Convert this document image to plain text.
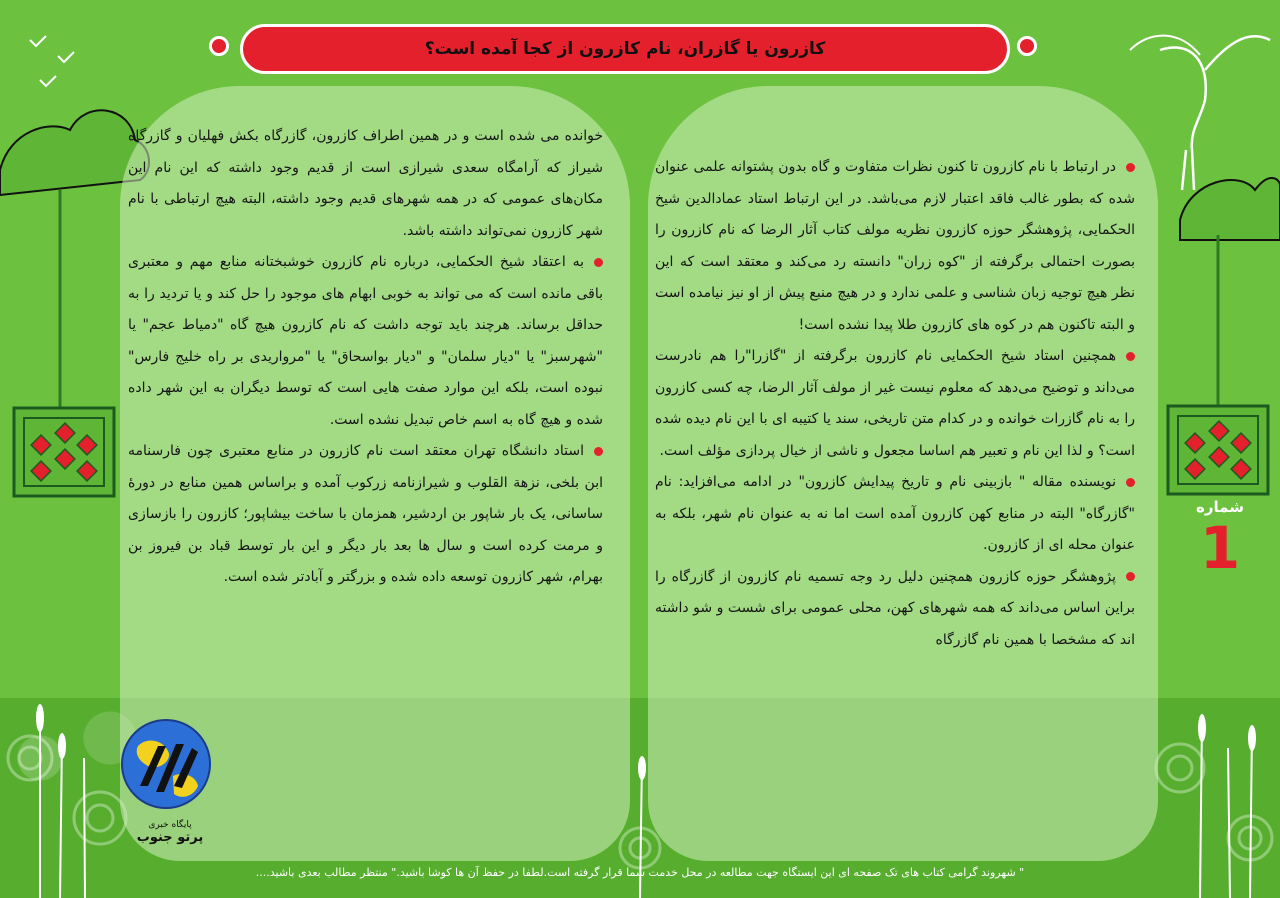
کازرون یا گازران، نام کازرون از کجا آمده است؟

خوانده می شده است و در همین اطراف کازرون، گازرگاه بکش فهلیان و گازرگاه شیراز که آرامگاه سعدی شیرازی است از قدیم وجود داشته که این نام این مکان‌های عمومی که در همه شهرهای قدیم وجود داشته، البته هیچ ارتباطی با نام شهر کازرون نمی‌تواند داشته باشد.

به اعتقاد شیخ الحکمایی، درباره نام کازرون خوشبختانه منابع مهم و معتبری باقی مانده است که می تواند به خوبی ابهام های موجود را حل کند و یا تردید را به حداقل برساند. هرچند باید توجه داشت که نام کازرون هیچ گاه "دمیاط عجم" یا "شهرسبز" یا "دیار سلمان" و "دیار بواسحاق" یا "مرواریدی بر راه خلیج فارس" نبوده است، بلکه این موارد صفت هایی است که توسط دیگران به این شهر داده شده و هیچ گاه به اسم خاص تبدیل نشده است.

استاد دانشگاه تهران معتقد است نام کازرون در منابع معتبری چون فارسنامه ابن بلخی، نزهة القلوب و شیرازنامه زرکوب آمده و براساس همین منابع در دورهٔ ساسانی، یک بار شاپور بن اردشیر، همزمان با ساخت بیشاپور؛ کازرون را بازسازی و مرمت کرده است و سال ها بعد بار دیگر و این بار توسط قباد بن فیروز بن بهرام، شهر کازرون توسعه داده شده و بزرگتر و آبادتر شده است.

در ارتباط با نام کازرون تا کنون نظرات متفاوت و گاه بدون پشتوانه علمی عنوان شده که بطور غالب فاقد اعتبار لازم می‌باشد. در این ارتباط استاد عمادالدین شیخ الحکمایی، پژوهشگر حوزه کازرون نظریه مولف کتاب آثار الرضا که نام کازرون را بصورت احتمالی برگرفته از "کوه زران" دانسته رد می‌کند و معتقد است که این نظر هیچ توجیه زبان شناسی و علمی ندارد و در هیچ منبع پیش از او نیز نیامده است و البته تاکنون هم در کوه های کازرون طلا پیدا نشده است!

همچنین استاد شیخ الحکمایی نام کازرون برگرفته از "گازرا"را هم نادرست می‌داند و توضیح می‌دهد که معلوم نیست غیر از مولف آثار الرضا، چه کسی کازرون را به نام گازرات خوانده و در کدام متن تاریخی، سند یا کتیبه ای با این نام دیده شده است؟ و لذا این نام و تعبیر هم اساسا مجعول و ناشی از خیال پردازی مؤلف است.

نویسنده مقاله " بازبینی نام و تاریخ پیدایش کازرون" در ادامه می‌افزاید: نام "گازرگاه" البته در منابع کهن کازرون آمده است اما نه به عنوان نام شهر، بلکه به عنوان محله ای از کازرون.

پژوهشگر حوزه کازرون همچنین دلیل رد وجه تسمیه نام کازرون از گازرگاه را براین اساس می‌داند که همه شهرهای کهن، محلی عمومی برای شست و شو داشته اند که مشخصا با همین نام گازرگاه

شماره
1
پایگاه خبری
پرتو جنوب
" شهروند گرامی کتاب های تک صفحه ای این ایستگاه جهت مطالعه در محل خدمت شما قرار گرفته است.لطفا در حفظ آن ها کوشا باشید." منتظر مطالب بعدی باشید....
